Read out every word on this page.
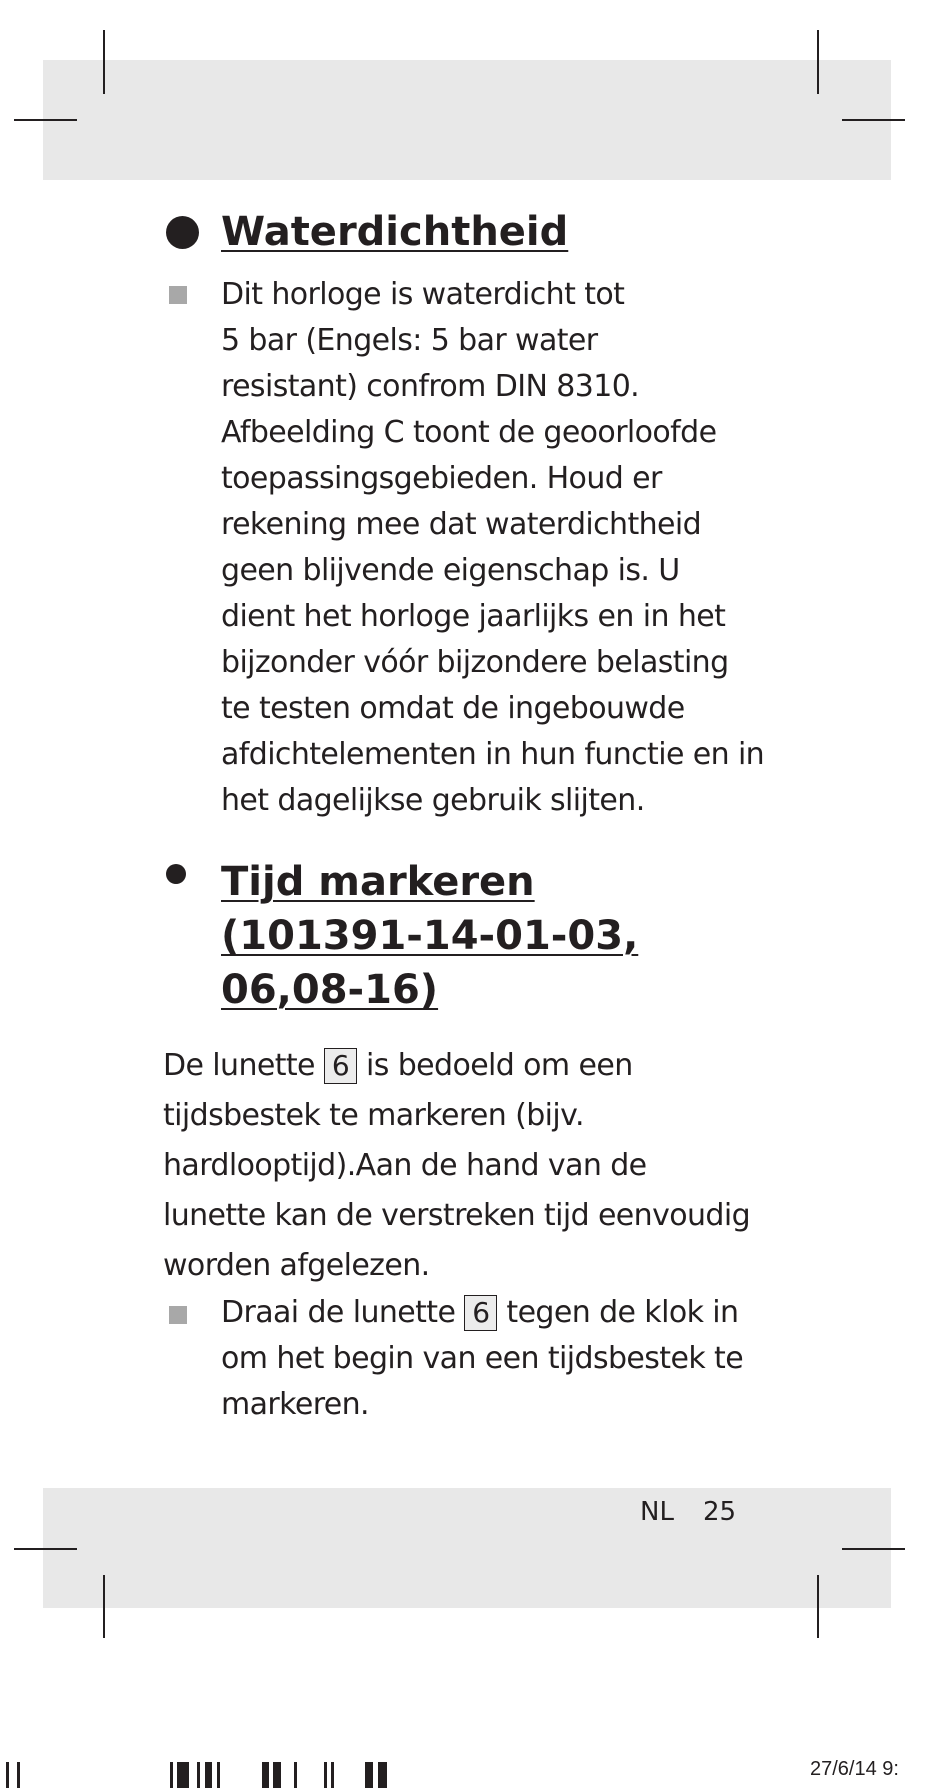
Waterdichtheid

Dit horloge is waterdicht tot
5 bar (Engels: 5 bar water
resistant) confrom DIN 8310.
Afbeelding C toont de geoorloofde
toepassingsgebieden. Houd er
rekening mee dat waterdichtheid
geen blijvende eigenschap is. U
dient het horloge jaarlijks en in het
bijzonder vóór bijzondere belasting
te testen omdat de ingebouwde
afdichtelementen in hun functie en in
het dagelijkse gebruik slijten.

Tijd markeren
(101391-14-01-03,
06,08-16)

De lunette 6 is bedoeld om een
tijdsbestek te markeren (bijv.
hardlooptijd).Aan de hand van de
lunette kan de verstreken tijd eenvoudig
worden afgelezen.

Draai de lunette 6 tegen de klok in
om het begin van een tijdsbestek te
markeren.

NL 25
27/6/14 9:
